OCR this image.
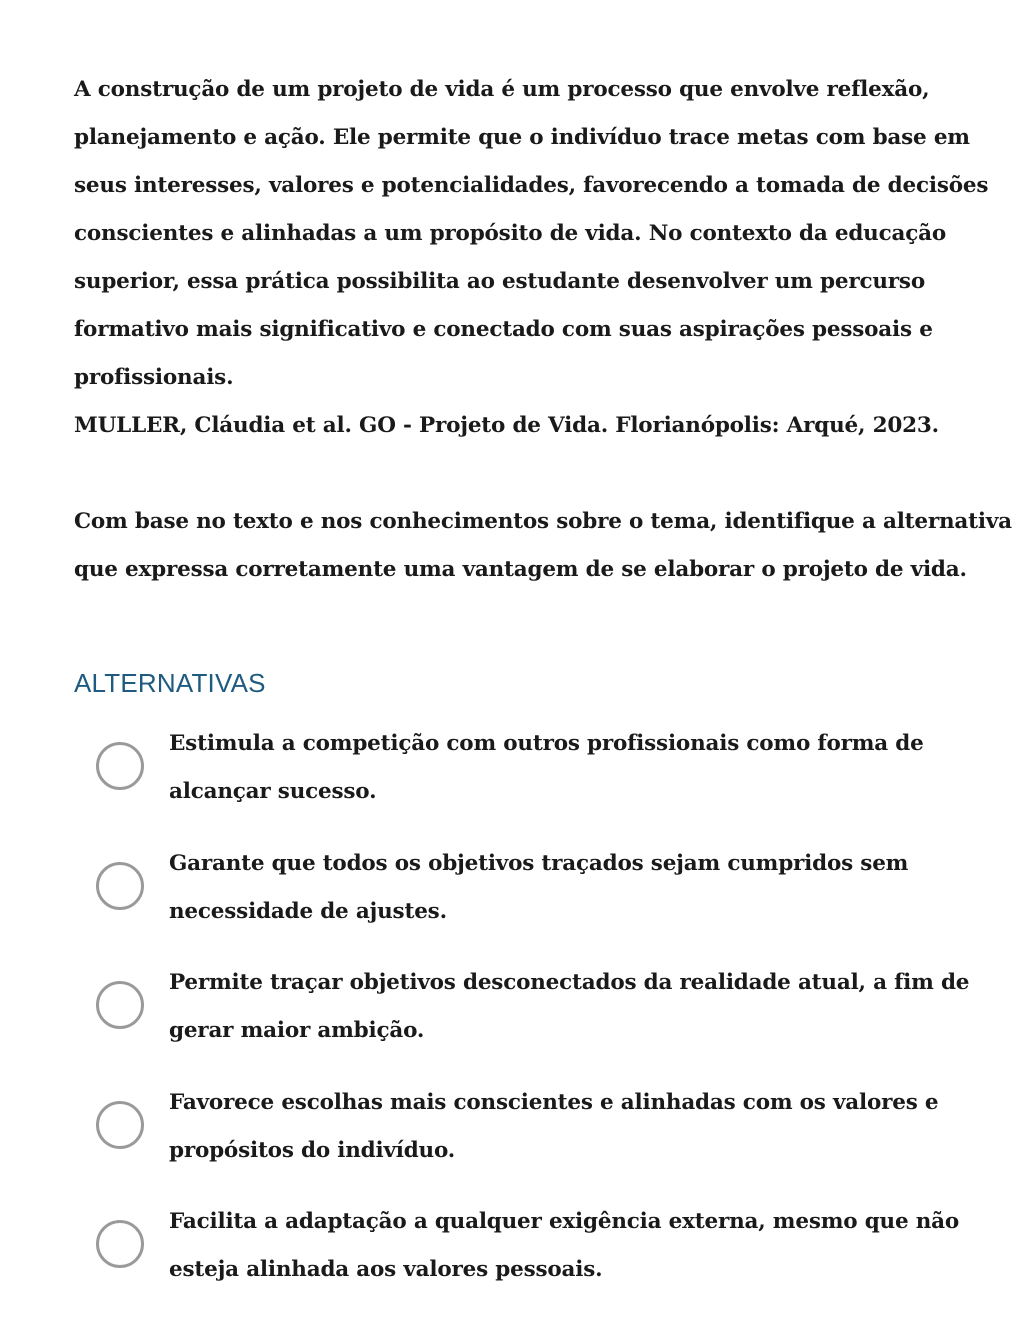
A construção de um projeto de vida é um processo que envolve reflexão, planejamento e ação. Ele permite que o indivíduo trace metas com base em seus interesses, valores e potencialidades, favorecendo a tomada de decisões conscientes e alinhadas a um propósito de vida. No contexto da educação superior, essa prática possibilita ao estudante desenvolver um percurso formativo mais significativo e conectado com suas aspirações pessoais e profissionais.

MULLER, Cláudia et al. GO - Projeto de Vida. Florianópolis: Arqué, 2023.

Com base no texto e nos conhecimentos sobre o tema, identifique a alternativa que expressa corretamente uma vantagem de se elaborar o projeto de vida.

ALTERNATIVAS
Estimula a competição com outros profissionais como forma de alcançar sucesso.
Garante que todos os objetivos traçados sejam cumpridos sem necessidade de ajustes.
Permite traçar objetivos desconectados da realidade atual, a fim de gerar maior ambição.
Favorece escolhas mais conscientes e alinhadas com os valores e propósitos do indivíduo.
Facilita a adaptação a qualquer exigência externa, mesmo que não esteja alinhada aos valores pessoais.
